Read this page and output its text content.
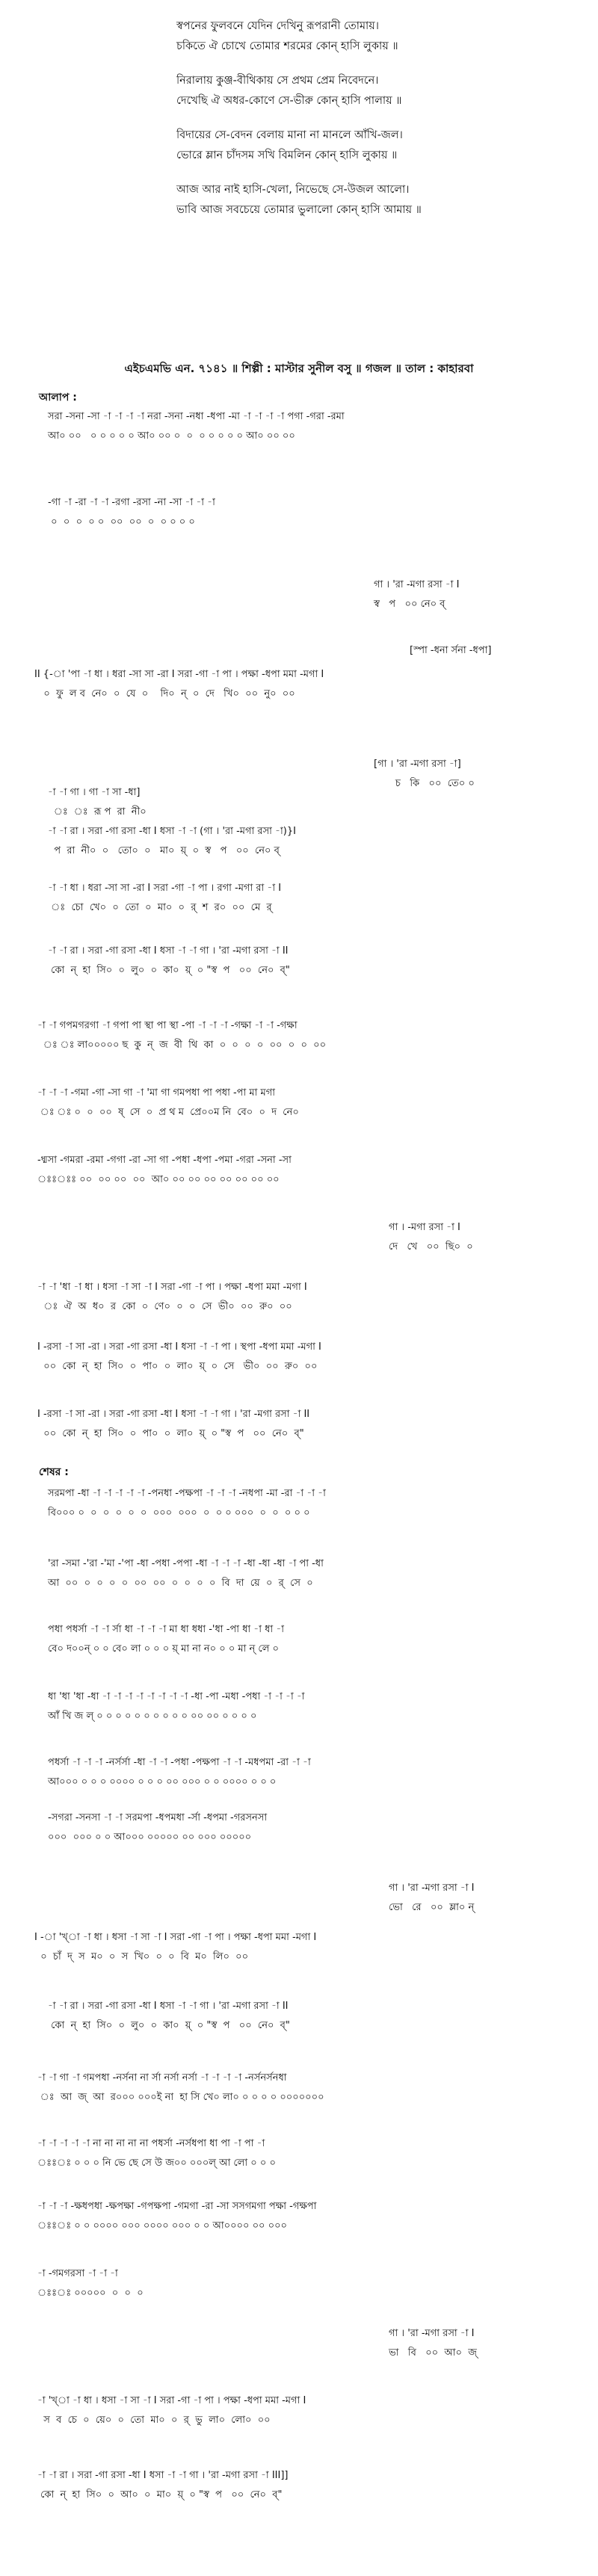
স্বপনের ফুলবনে যেদিন দেখিনু রূপরানী তোমায়।
চকিতে ঐ চোখে তোমার শরমের কোন্ হাসি লুকায় ॥
নিরালায় কুঞ্জ-বীথিকায় সে প্রথম প্রেম নিবেদনে।
দেখেছি ঐ অধর-কোণে সে-ভীরু কোন্ হাসি পালায় ॥
বিদায়ের সে-বেদন বেলায় মানা না মানলে আঁখি-জল।
ভোরে ম্লান চাঁদসম সখি বিমলিন কোন্ হাসি লুকায় ॥
আজ আর নাই হাসি-খেলা, নিভেছে সে-উজল আলো।
ভাবি আজ সবচেয়ে তোমার ভুলালো কোন্ হাসি আমায় ॥
এইচএমভি এন. ৭১৪১ ॥ শিল্পী : মাস্টার সুনীল বসু ॥ গজল ॥ তাল : কাহারবা
আলাপ :
সরা -সনা -সা -া -া -া -া নরা -সনা -নধা -ধপা -মা -া -া -া -া পগা -গরা -রমা
আ০ ০০   ০ ০ ০ ০ ০ আ০ ০০ ০  ০  ০ ০ ০ ০ ০ আ০ ০০ ০০
-গা -া -রা -া -া -রগা -রসা -না -সা -া -া -া
০  ০  ০  ০ ০  ০০  ০০  ০  ০ ০ ০ ০
গা । 'রা -মগা রসা -া I
স্ব   প   ০০ নে০ ব্
[স্পা -ধনা র্সনা -ধপা]
II {-া 'পা -া ধা । ধরা -সা সা -রা I সরা -গা -া পা । পক্ষা -ধপা মমা -মগা I
০  ফু  ল ব  নে০  ০  যে  ০    দি০  ন্  ০  দে   খি০  ০০  নু০  ০০
[গা । 'রা -মগা রসা -া]
চ   কি   ০০  তে০ ০
-া -া গা । গা -া সা -ধা]
ঃ  ঃ  রূ প  রা  নী০
-া -া রা । সরা -গা রসা -ধা I ধসা -া -া (গা । 'রা -মগা রসা -া)}I
প  রা  নী০  ০   তো০  ০   মা০  য়্  ০  স্ব   প   ০০  নে০ ব্
-া -া ধা । ধরা -সা সা -রা I সরা -গা -া পা । রগা -মগা রা -া I
ঃ  চো  খে০  ০  তো  ০  মা০  ০  র্  শ  র০  ০০  মে  র্
-া -া রা । সরা -গা রসা -ধা I ধসা -া -া গা । 'রা -মগা রসা -া II
কো  ন্  হা  সি০  ০  লু০  ০  কা০  য়্  ০ "স্ব  প   ০০  নে০  ব্"
-া -া গপমগরগা -া গপা পা স্থা পা স্থা -পা -া -া -া -গক্ষা -া -া -গক্ষা
ঃ ঃ লা০০০০০ ছ  কু  ন্  জ  বী  থি  কা  ০  ০  ০  ০  ০০  ০  ০  ০০
-া -া -া -গমা -গা -সা গা -া 'মা গা গমপধা পা পধা -পা মা মগা
ঃ ঃ ০  ০  ০০  ষ্  সে  ০  প্র থ ম  প্রে০০ম নি  বে০  ০  দ  নে০
-ধ্মসা -গমরা -রমা -গগা -রা -সা গা -পধা -ধপা -পমা -গরা -সনা -সা
ঃঃঃঃ ০০  ০০ ০০  ০০  আ০ ০০ ০০ ০০ ০০ ০০ ০০ ০০
গা । -মগা রসা -া I
দে   খে   ০০  ছি০  ০
-া -া 'ধা -া ধা । ধসা -া সা -া I সরা -গা -া পা । পক্ষা -ধপা মমা -মগা I
ঃ  ঐ  অ  ধ০  র  কো  ০  ণে০  ০  ০  সে  ভী০  ০০  রু০  ০০
I -রসা -া সা -রা । সরা -গা রসা -ধা I ধসা -া -া পা । স্থপা -ধপা মমা -মগা I
০০  কো  ন্  হা  সি০  ০  পা০  ০  লা০  য়্  ০  সে   ভী০  ০০  রু০  ০০
I -রসা -া সা -রা । সরা -গা রসা -ধা I ধসা -া -া গা । 'রা -মগা রসা -া II
০০  কো  ন্  হা  সি০  ০  পা০  ০  লা০  য়্  ০ "স্ব  প   ০০  নে০  ব্"
শেষর :
সরমপা -ধা -া -া -া -া -া -পনধা -পক্ষপা -া -া -া -নধপা -মা -রা -া -া -া
বি০০০ ০  ০  ০  ০  ০  ০  ০০০  ০০০  ০  ০ ০ ০০০  ০  ০  ০ ০ ০
'রা -সমা -'রা -'মা -'পা -ধা -পধা -পপা -ধা -া -া -া -ধা -ধা -ধা -া পা -ধা
আ  ০০  ০  ০  ০  ০  ০০  ০০  ০  ০  ০  ০  বি  দা  য়ে  ০  র্  সে  ০
পধা পধর্সা -া -া র্সা ধা -া -া -া মা ধা ধধা -'ধা -পা ধা -া ধা -া
বে০ দ০০ন্ ০ ০ বে০ লা ০ ০ ০ য়্ মা না ন০ ০ ০ মা ন্ লে ০
ধা 'ধা 'ধা -ধা -া -া -া -া -া -া -া -া -ধা -পা -মধা -পধা -া -া -া -া
আঁ খি জ ল্ ০ ০ ০ ০ ০ ০ ০ ০ ০ ০ ০০ ০০ ০ ০ ০ ০
পধর্সা -া -া -া -নর্সর্সা -ধা -া -া -পধা -পক্ষপা -া -া -মধপমা -রা -া -া
আ০০০ ০ ০ ০ ০০০০ ০ ০ ০ ০০ ০০০ ০ ০ ০০০০ ০ ০ ০
-সগরা -সনসা -া -া সরমপা -ধপমধা -র্সা -ধপমা -গরসনসা
০০০  ০০০ ০ ০ আ০০০ ০০০০০ ০০ ০০০ ০০০০০
গা । 'রা -মগা রসা -া I
ভো   রে   ০০  ম্লা০ ন্
I -া 'খ্া -া ধা । ধসা -া সা -া I সরা -গা -া পা । পক্ষা -ধপা মমা -মগা I
০  চাঁ  দ্  স  ম০  ০  স  খি০  ০  ০  বি  ম০  লি০  ০০
-া -া রা । সরা -গা রসা -ধা I ধসা -া -া গা । 'রা -মগা রসা -া II
কো  ন্  হা  সি০  ০  লু০  ০  কা০  য়্  ০ "স্ব  প   ০০  নে০  ব্"
-া -া গা -া গমপধা -নর্সনা না র্সা নর্সা নর্সা -া -া -া -া -নর্সনর্সনধা
ঃ  আ  জ্  আ  র০০০ ০০০ই না  হা সি খে০ লা০ ০ ০ ০ ০ ০০০০০০০
-া -া -া -া -া না না না না না পধর্সা -নর্সধপা ধা পা -া পা -া
ঃঃঃ ০ ০ ০ নি ভে ছে সে উ জ০০ ০০০ল্ আ লো ০ ০ ০
-া -া -া -ক্ষধপধা -ক্ষপক্ষা -গপক্ষপা -গমগা -রা -সা সসগমগা পক্ষা -গক্ষপা
ঃঃঃ ০ ০ ০০০০ ০০০ ০০০০ ০০০ ০ ০ আ০০০০ ০০ ০০০
-া -গমগরসা -া -া -া
ঃঃঃ ০০০০০  ০  ০  ০
গা । 'রা -মগা রসা -া I
ভা   বি   ০০  আ০  জ্
-া 'খ্া -া ধা । ধসা -া সা -া I সরা -গা -া পা । পক্ষা -ধপা মমা -মগা I
স  ব  চে  ০  য়ে০  ০  তো  মা০  ০  র্  ভু  লা০  লো০  ০০
-া -া রা । সরা -গা রসা -ধা I ধসা -া -া গা । 'রা -মগা রসা -া III]]
কো  ন্  হা  সি০  ০  আ০  ০  মা০  য়্  ০ "স্ব  প   ০০  নে০  ব্"
